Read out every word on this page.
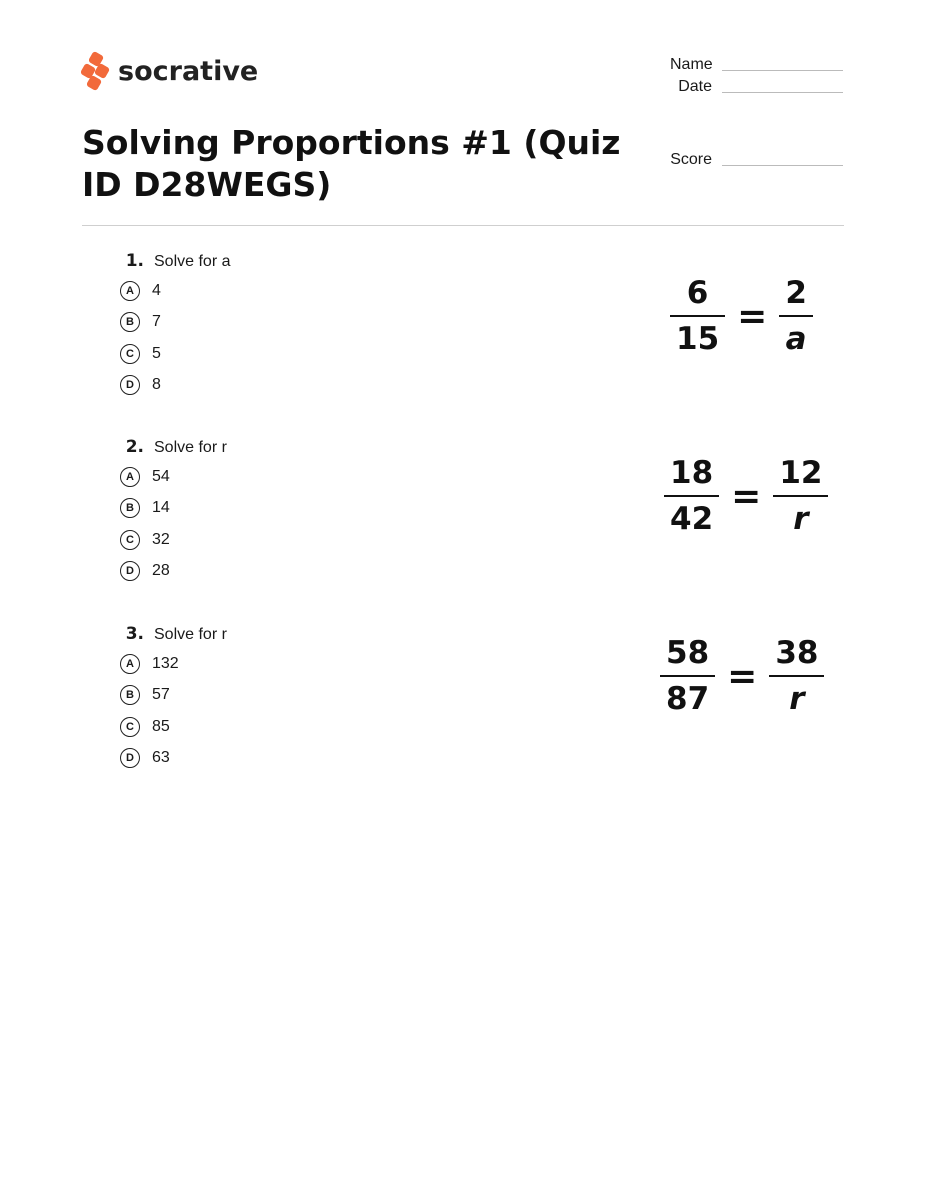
socrative
Solving Proportions #1 (Quiz ID D28WEGS)
Name
Date
Score
1. Solve for a
A	4
B	7
C	5
D	8
$\frac{6}{15} = \frac{2}{a}$
2. Solve for r
A	54
B	14
C	32
D	28
$\frac{18}{42} = \frac{12}{r}$
3. Solve for r
A	132
B	57
C	85
D	63
$\frac{58}{87} = \frac{38}{r}$
